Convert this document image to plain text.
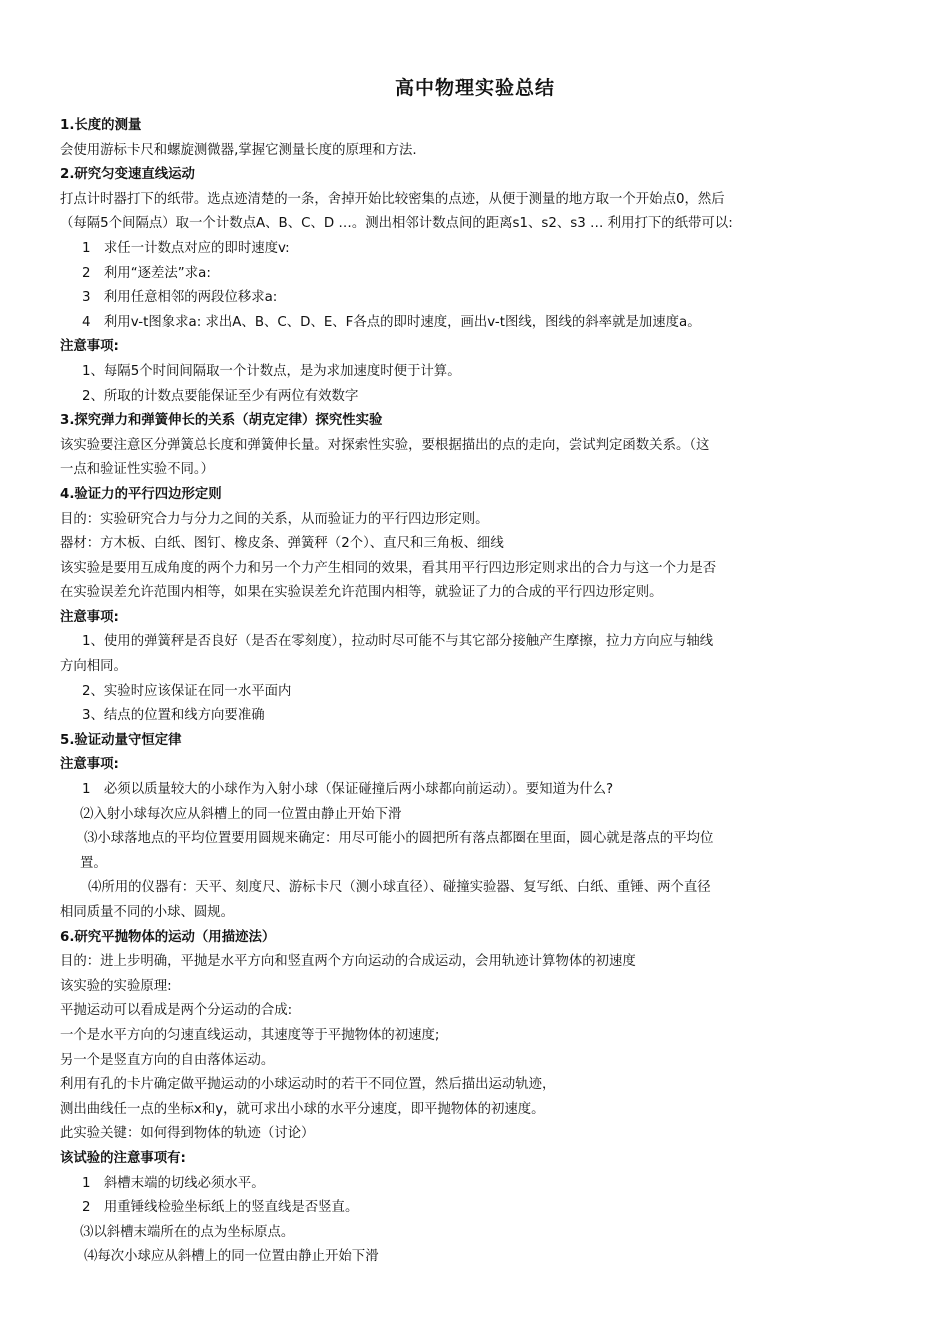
高中物理实验总结
1.长度的测量
会使用游标卡尺和螺旋测微器,掌握它测量长度的原理和方法.
2.研究匀变速直线运动
打点计时器打下的纸带。选点迹清楚的一条，舍掉开始比较密集的点迹，从便于测量的地方取一个开始点0，然后
（每隔5个间隔点）取一个计数点A、B、C、D …。测出相邻计数点间的距离s1、s2、s3 … 利用打下的纸带可以:
1　求任一计数点对应的即时速度v:
2　利用“逐差法”求a:
3　利用任意相邻的两段位移求a:
4　利用v-t图象求a: 求出A、B、C、D、E、F各点的即时速度，画出v-t图线，图线的斜率就是加速度a。
注意事项:
1、每隔5个时间间隔取一个计数点，是为求加速度时便于计算。
2、所取的计数点要能保证至少有两位有效数字
3.探究弹力和弹簧伸长的关系（胡克定律）探究性实验
该实验要注意区分弹簧总长度和弹簧伸长量。对探索性实验，要根据描出的点的走向，尝试判定函数关系。（这
一点和验证性实验不同。）
4.验证力的平行四边形定则
目的：实验研究合力与分力之间的关系，从而验证力的平行四边形定则。
器材：方木板、白纸、图钉、橡皮条、弹簧秤（2个）、直尺和三角板、细线
该实验是要用互成角度的两个力和另一个力产生相同的效果，看其用平行四边形定则求出的合力与这一个力是否
在实验误差允许范围内相等，如果在实验误差允许范围内相等，就验证了力的合成的平行四边形定则。
注意事项:
1、使用的弹簧秤是否良好（是否在零刻度），拉动时尽可能不与其它部分接触产生摩擦，拉力方向应与轴线
方向相同。
2、实验时应该保证在同一水平面内
3、结点的位置和线方向要准确
5.验证动量守恒定律
注意事项:
1　必须以质量较大的小球作为入射小球（保证碰撞后两小球都向前运动）。要知道为什么?
⑵入射小球每次应从斜槽上的同一位置由静止开始下滑
⑶小球落地点的平均位置要用圆规来确定：用尽可能小的圆把所有落点都圈在里面，圆心就是落点的平均位
置。
⑷所用的仪器有：天平、刻度尺、游标卡尺（测小球直径）、碰撞实验器、复写纸、白纸、重锤、两个直径
相同质量不同的小球、圆规。
6.研究平抛物体的运动（用描迹法）
目的：进上步明确，平抛是水平方向和竖直两个方向运动的合成运动，会用轨迹计算物体的初速度
该实验的实验原理:
平抛运动可以看成是两个分运动的合成:
一个是水平方向的匀速直线运动，其速度等于平抛物体的初速度;
另一个是竖直方向的自由落体运动。
利用有孔的卡片确定做平抛运动的小球运动时的若干不同位置，然后描出运动轨迹，
测出曲线任一点的坐标x和y，就可求出小球的水平分速度，即平抛物体的初速度。
此实验关键：如何得到物体的轨迹（讨论）
该试验的注意事项有:
1　斜槽末端的切线必须水平。
2　用重锤线检验坐标纸上的竖直线是否竖直。
⑶以斜槽末端所在的点为坐标原点。
⑷每次小球应从斜槽上的同一位置由静止开始下滑
